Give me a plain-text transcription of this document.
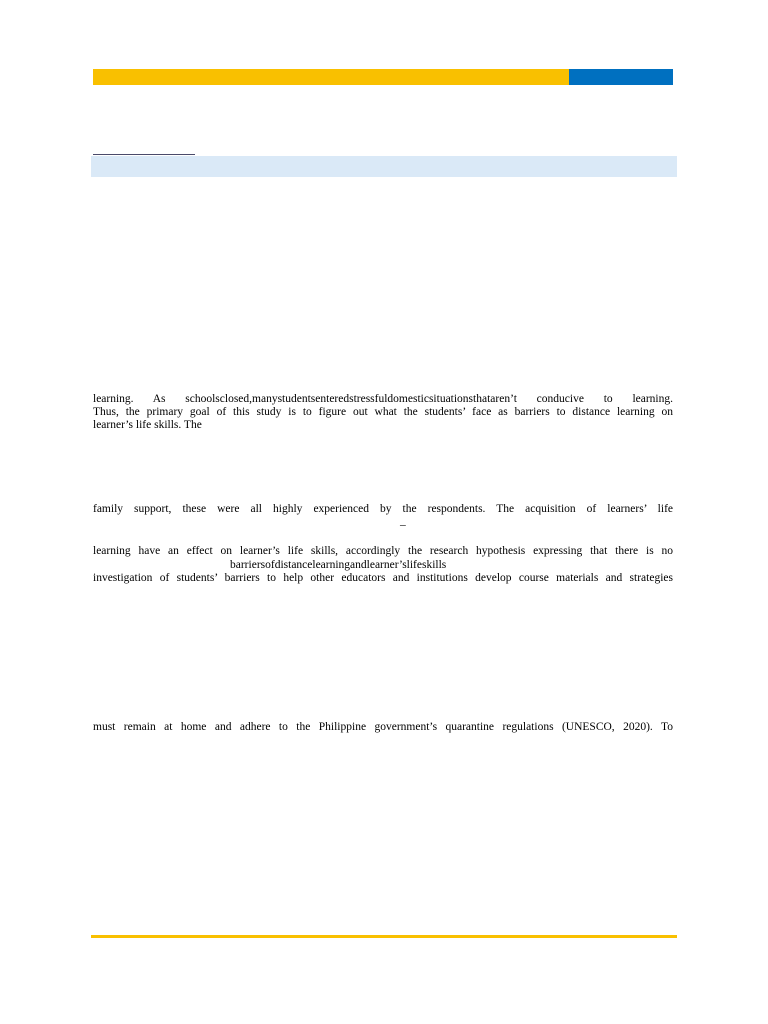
learning. As schoolsclosed,manystudentsenteredstressfuldomesticsituationsthataren’t conducive to learning.
Thus, the primary goal of this study is to figure out what the students’ face as barriers to distance learning on
learner’s life skills. The
family support, these were all highly experienced by the respondents. The acquisition of learners’ life
–
learning have an effect on learner’s life skills, accordingly the research hypothesis expressing that there is no
barriersofdistancelearningandlearner’slifeskills
investigation of students’ barriers to help other educators and institutions develop course materials and strategies
must remain at home and adhere to the Philippine government’s quarantine regulations (UNESCO, 2020). To
